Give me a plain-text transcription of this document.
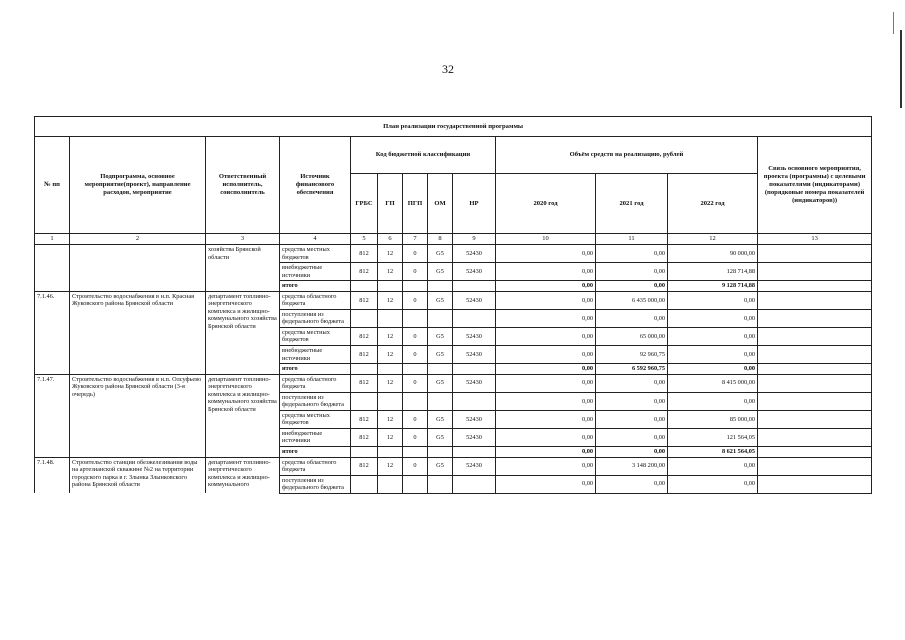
32
План реализации государственной программы												
№ пп	Подпрограмма, основное мероприятие(проект), направление расходов, мероприятие	Ответственный исполнитель, соисполнитель	Источник финансового обеспечения	Код бюджетной классификации					Объём средств на реализацию, рублей			Связь основного мероприятия, проекта (программы) с целевыми показателями (индикаторами) (порядковые номера показателей (индикаторов))
				ГРБС	ГП	ПГП	ОМ	НР	2020 год	2021 год	2022 год	
1	2	3	4	5	6	7	8	9	10	11	12	13
		хозяйства Брянской области	средства местных бюджетов	812	12	0	G5	52430	0,00	0,00	90 000,00	
			внебюджетные источники	812	12	0	G5	52430	0,00	0,00	128 714,88	
			итого						0,00	0,00	9 128 714,88	
7.1.46.	Строительство водоснабжения в н.п. Красная Жуковского района Брянской области	департамент топливно-энергетического комплекса и жилищно-коммунального хозяйства Брянской области	средства областного бюджета	812	12	0	G5	52430	0,00	6 435 000,00	0,00	
			поступления из федерального бюджета						0,00	0,00	0,00	
			средства местных бюджетов	812	12	0	G5	52430	0,00	65 000,00	0,00	
			внебюджетные источники	812	12	0	G5	52430	0,00	92 960,75	0,00	
			итого						0,00	6 592 960,75	0,00	
7.1.47.	Строительство водоснабжения в н.п. Олсуфьево Жуковского района Брянской области (3-я очередь)	департамент топливно-энергетического комплекса и жилищно-коммунального хозяйства Брянской области	средства областного бюджета	812	12	0	G5	52430	0,00	0,00	8 415 000,00	
			поступления из федерального бюджета						0,00	0,00	0,00	
			средства местных бюджетов	812	12	0	G5	52430	0,00	0,00	85 000,00	
			внебюджетные источники	812	12	0	G5	52430	0,00	0,00	121 564,05	
			итого						0,00	0,00	8 621 564,05	
7.1.48.	Строительство станции обезжелезивания воды на артезианской скважине №2 на территории городского парка в г. Злынка Злынковского района Брянской области	департамент топливно-энергетического комплекса и жилищно-коммунального	средства областного бюджета	812	12	0	G5	52430	0,00	3 148 200,00	0,00	
			поступления из федерального бюджета						0,00	0,00	0,00	
